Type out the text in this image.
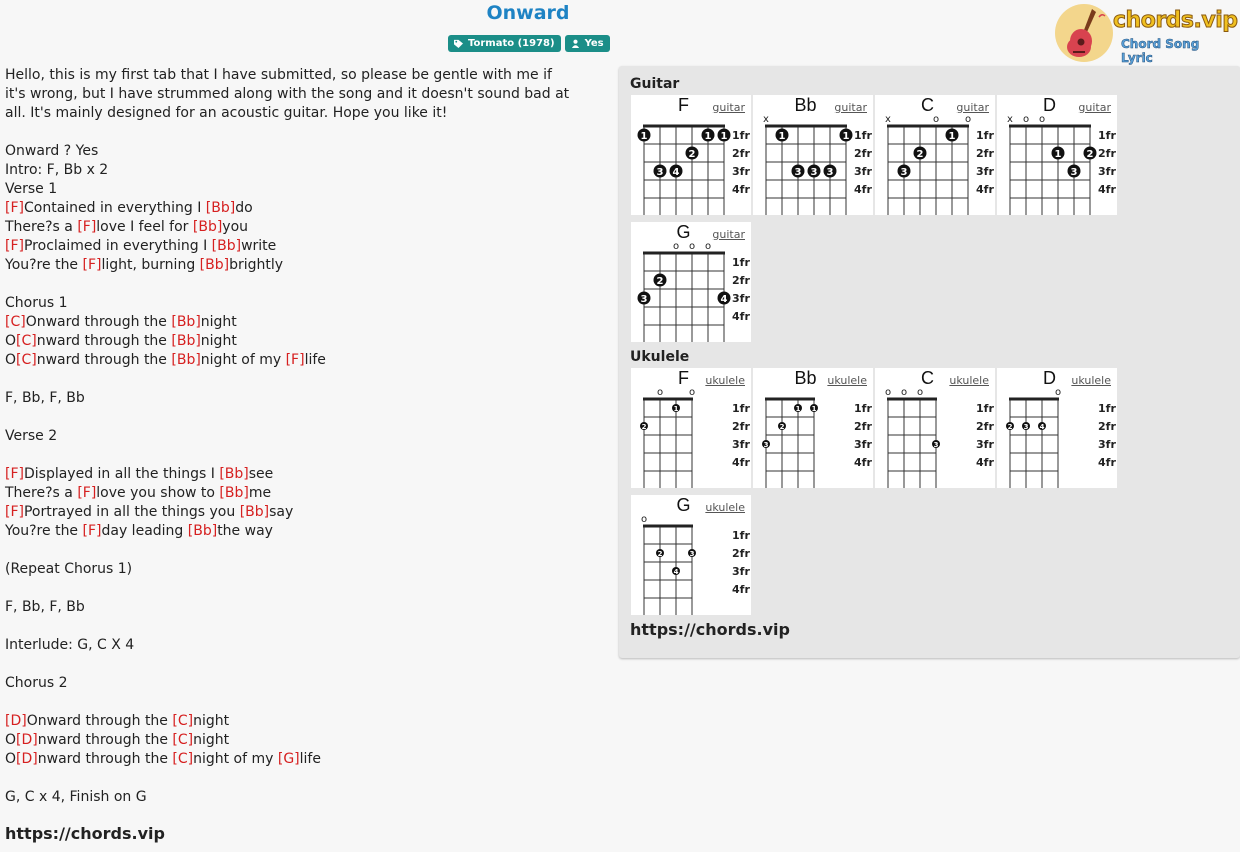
Onward
Tormato (1978)	Yes
chords.vip
Chord Song Lyric
Hello, this is my first tab that I have submitted, so please be gentle with me if
it's wrong, but I have strummed along with the song and it doesn't sound bad at
all. It's mainly designed for an acoustic guitar. Hope you like it!
Onward ? Yes
Intro: F, Bb x 2
Verse 1
[F]Contained in everything I [Bb]do
There?s a [F]love I feel for [Bb]you
[F]Proclaimed in everything I [Bb]write
You?re the [F]light, burning [Bb]brightly
Chorus 1
[C]Onward through the [Bb]night
O[C]nward through the [Bb]night
O[C]nward through the [Bb]night of my [F]life
F, Bb, F, Bb
Verse 2
[F]Displayed in all the things I [Bb]see
There?s a [F]love you show to [Bb]me
[F]Portrayed in all the things you [Bb]say
You?re the [F]day leading [Bb]the way
(Repeat Chorus 1)
F, Bb, F, Bb
Interlude: G, C X 4
Chorus 2
[D]Onward through the [C]night
O[D]nward through the [C]night
O[D]nward through the [C]night of my [G]life
G, C x 4, Finish on G
https://chords.vip
Guitar
Ukulele
https://chords.vip
1fr
2fr
3fr
4fr
1
3 4
2
1 1
F	guitar
1fr
2fr
3fr
4fr
x
1
3 3 3
1
Bb	guitar
1fr
2fr
3fr
4fr
x	o	o
3
2
1
C	guitar
1fr
2fr
3fr
4fr
x o o
1
3
2
D	guitar
1fr
2fr
3fr
4fr
o o o
3
2
4
G	guitar
1fr
2fr
3fr
4fr
o	o
2
1
F	ukulele
1fr
2fr
3fr
4fr
3
2
1 1
Bb ukulele
1fr
2fr
3fr
4fr
o o o
3
C	ukulele
1fr
2fr
3fr
4fr
o
2 3 4
D	ukulele
1fr
2fr
3fr
4fr
o
2
4
3
G	ukulele
